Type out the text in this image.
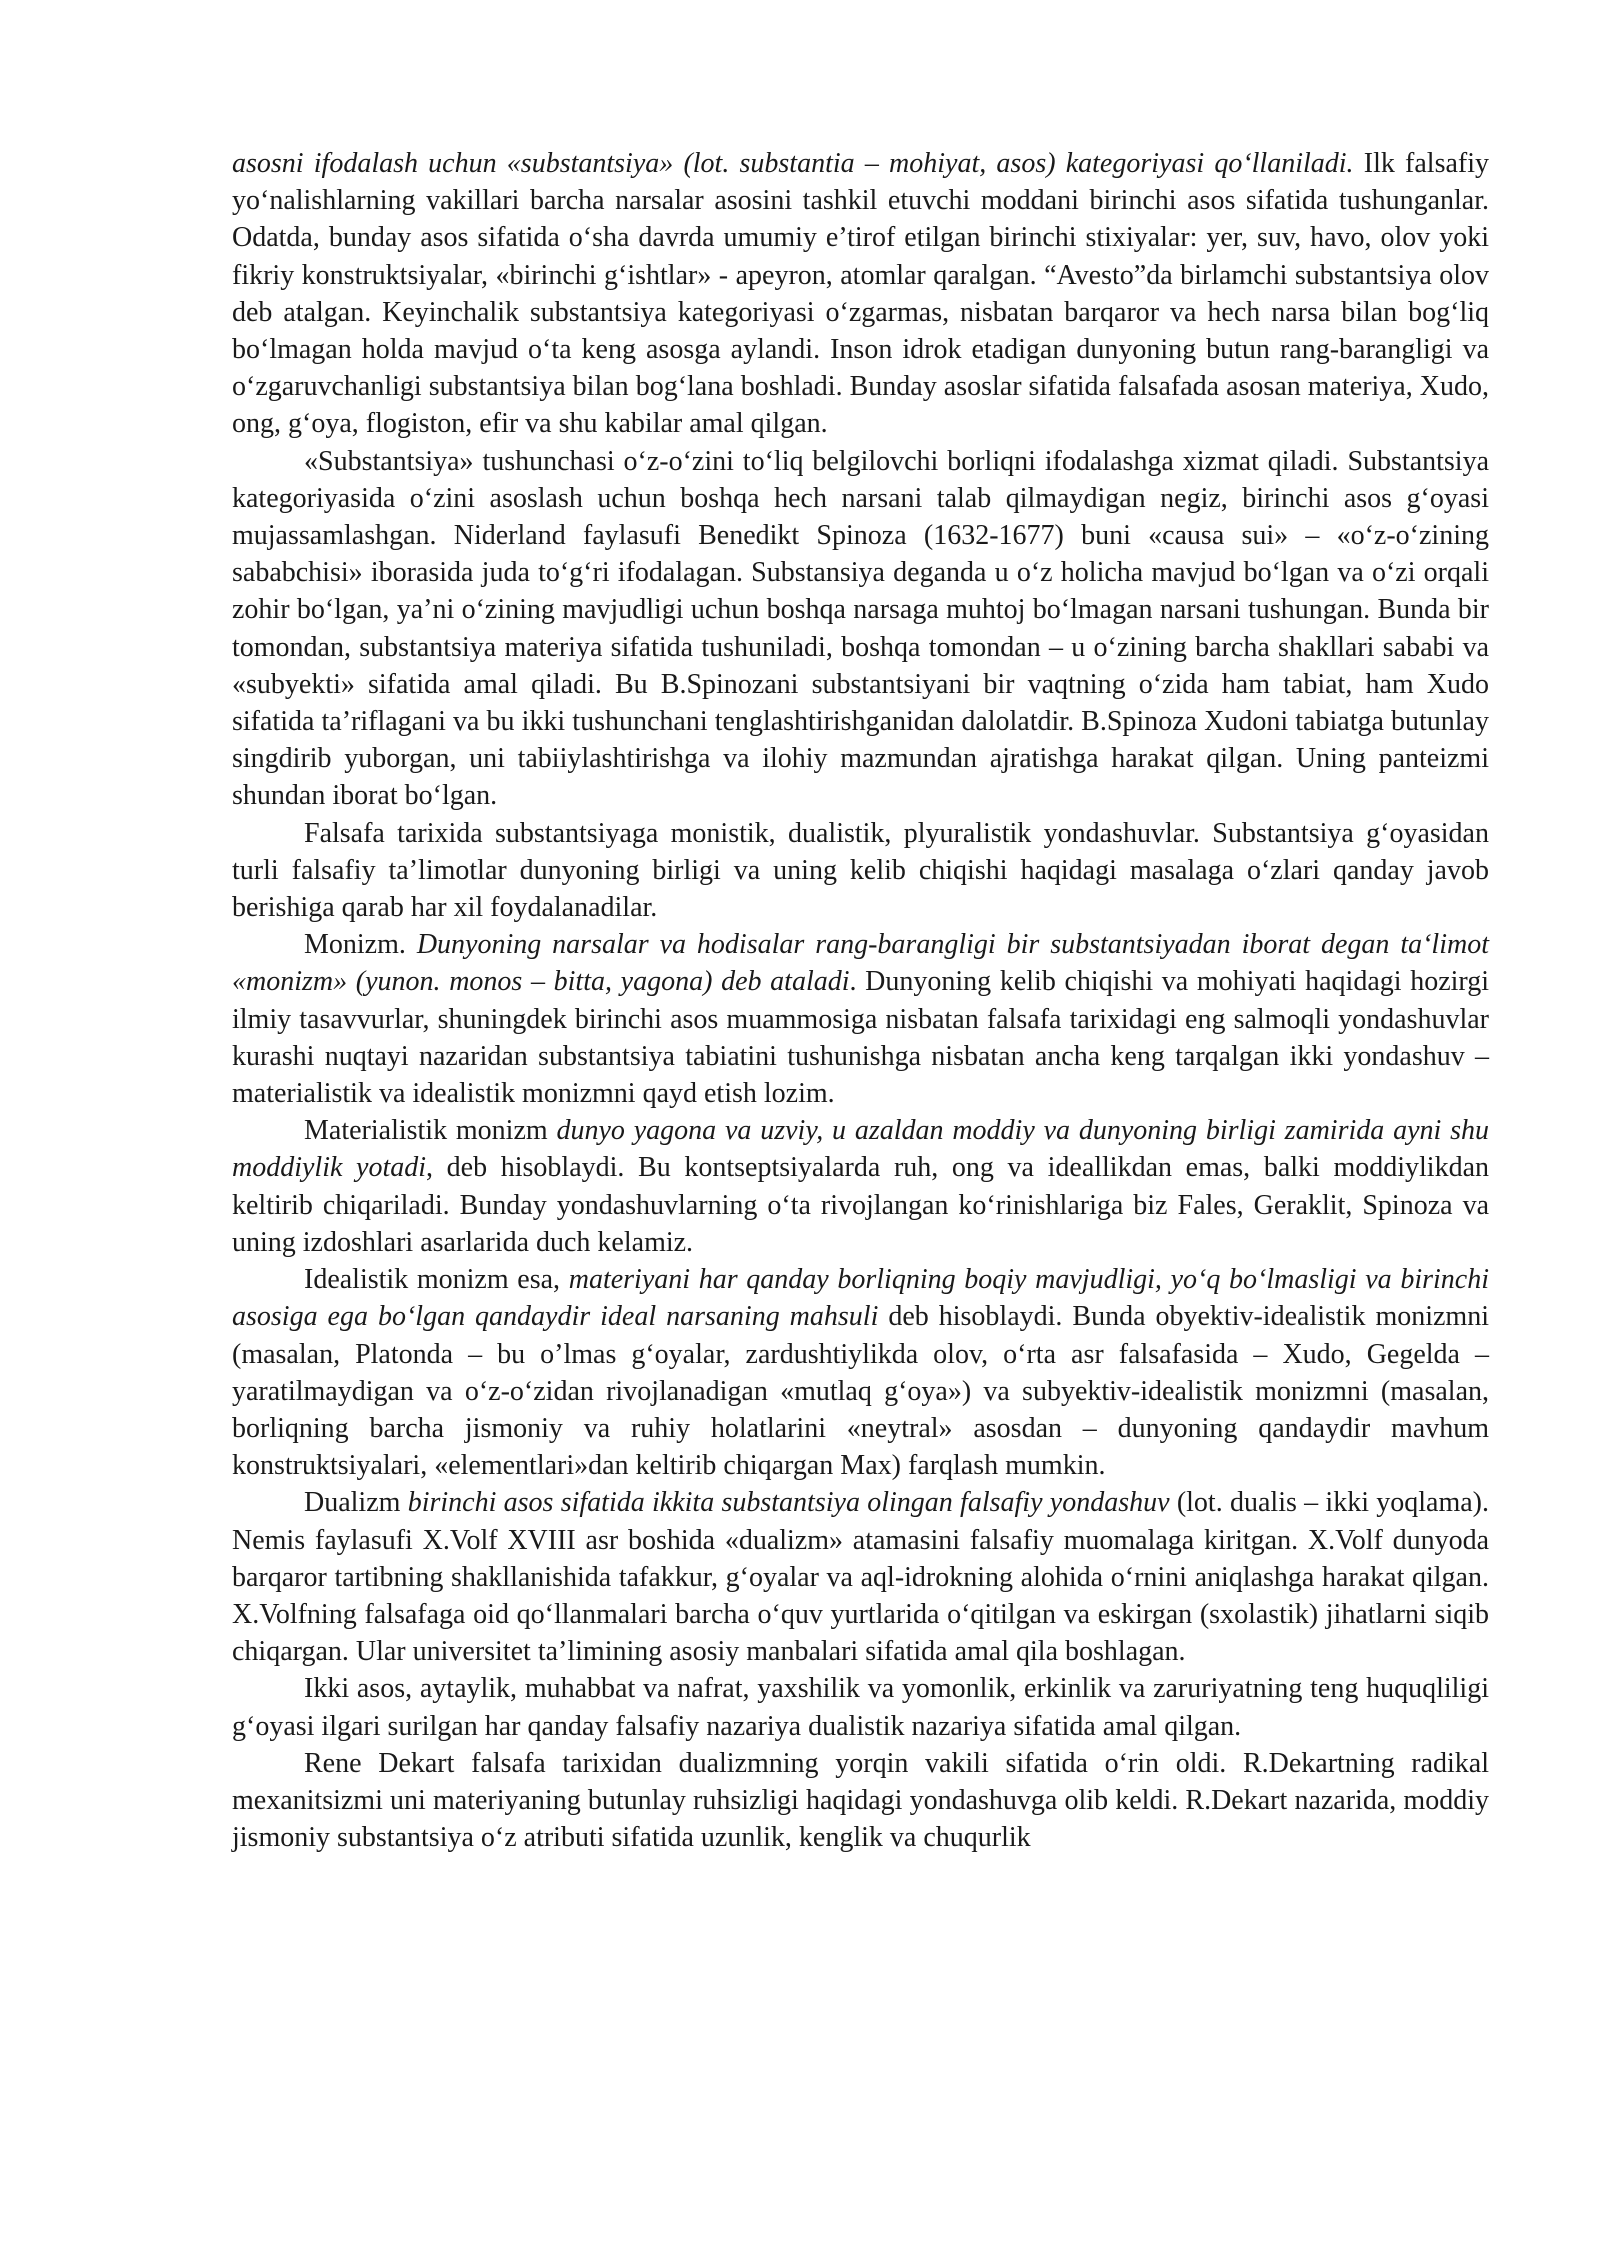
asosni ifodalash uchun «substantsiya» (lot. substantia – mohiyat, asos) kategoriyasi qo‘llaniladi. Ilk falsafiy yo‘nalishlarning vakillari barcha narsalar asosini tashkil etuvchi moddani birinchi asos sifatida tushunganlar. Odatda, bunday asos sifatida o‘sha davrda umumiy e’tirof etilgan birinchi stixiyalar: yer, suv, havo, olov yoki fikriy konstruktsiyalar, «birinchi g‘ishtlar» - apeyron, atomlar qaralgan. “Avesto”da birlamchi substantsiya olov deb atalgan. Keyinchalik substantsiya kategoriyasi o‘zgarmas, nisbatan barqaror va hech narsa bilan bog‘liq bo‘lmagan holda mavjud o‘ta keng asosga aylandi. Inson idrok etadigan dunyoning butun rang-barangligi va o‘zgaruvchanligi substantsiya bilan bog‘lana boshladi. Bunday asoslar sifatida falsafada asosan materiya, Xudo, ong, g‘oya, flogiston, efir va shu kabilar amal qilgan.

«Substantsiya» tushunchasi o‘z-o‘zini to‘liq belgilovchi borliqni ifodalashga xizmat qiladi. Substantsiya kategoriyasida o‘zini asoslash uchun boshqa hech narsani talab qilmaydigan negiz, birinchi asos g‘oyasi mujassamlashgan. Niderland faylasufi Benedikt Spinoza (1632-1677) buni «causa sui» – «o‘z-o‘zining sababchisi» iborasida juda to‘g‘ri ifodalagan. Substansiya deganda u o‘z holicha mavjud bo‘lgan va o‘zi orqali zohir bo‘lgan, ya’ni o‘zining mavjudligi uchun boshqa narsaga muhtoj bo‘lmagan narsani tushungan. Bunda bir tomondan, substantsiya materiya sifatida tushuniladi, boshqa tomondan – u o‘zining barcha shakllari sababi va «subyekti» sifatida amal qiladi. Bu B.Spinozani substantsiyani bir vaqtning o‘zida ham tabiat, ham Xudo sifatida ta’riflagani va bu ikki tushunchani tenglashtirishganidan dalolatdir. B.Spinoza Xudoni tabiatga butunlay singdirib yuborgan, uni tabiiylashtirishga va ilohiy mazmundan ajratishga harakat qilgan. Uning panteizmi shundan iborat bo‘lgan.

Falsafa tarixida substantsiyaga monistik, dualistik, plyuralistik yondashuvlar. Substantsiya g‘oyasidan turli falsafiy ta’limotlar dunyoning birligi va uning kelib chiqishi haqidagi masalaga o‘zlari qanday javob berishiga qarab har xil foydalanadilar.

Monizm. Dunyoning narsalar va hodisalar rang-barangligi bir substantsiyadan iborat degan ta‘limot «monizm» (yunon. monos – bitta, yagona) deb ataladi. Dunyoning kelib chiqishi va mohiyati haqidagi hozirgi ilmiy tasavvurlar, shuningdek birinchi asos muammosiga nisbatan falsafa tarixidagi eng salmoqli yondashuvlar kurashi nuqtayi nazaridan substantsiya tabiatini tushunishga nisbatan ancha keng tarqalgan ikki yondashuv – materialistik va idealistik monizmni qayd etish lozim.

Materialistik monizm dunyo yagona va uzviy, u azaldan moddiy va dunyoning birligi zamirida ayni shu moddiylik yotadi, deb hisoblaydi. Bu kontseptsiyalarda ruh, ong va ideallikdan emas, balki moddiylikdan keltirib chiqariladi. Bunday yondashuvlarning o‘ta rivojlangan ko‘rinishlariga biz Fales, Geraklit, Spinoza va uning izdoshlari asarlarida duch kelamiz.

Idealistik monizm esa, materiyani har qanday borliqning boqiy mavjudligi, yo‘q bo‘lmasligi va birinchi asosiga ega bo‘lgan qandaydir ideal narsaning mahsuli deb hisoblaydi. Bunda obyektiv-idealistik monizmni (masalan, Platonda – bu o’lmas g‘oyalar, zardushtiylikda olov, o‘rta asr falsafasida – Xudo, Gegelda – yaratilmaydigan va o‘z-o‘zidan rivojlanadigan «mutlaq g‘oya») va subyektiv-idealistik monizmni (masalan, borliqning barcha jismoniy va ruhiy holatlarini «neytral» asosdan – dunyoning qandaydir mavhum konstruktsiyalari, «elementlari»dan keltirib chiqargan Max) farqlash mumkin.

Dualizm birinchi asos sifatida ikkita substantsiya olingan falsafiy yondashuv (lot. dualis – ikki yoqlama). Nemis faylasufi X.Volf XVIII asr boshida «dualizm» atamasini falsafiy muomalaga kiritgan. X.Volf dunyoda barqaror tartibning shakllanishida tafakkur, g‘oyalar va aql-idrokning alohida o‘rnini aniqlashga harakat qilgan. X.Volfning falsafaga oid qo‘llanmalari barcha o‘quv yurtlarida o‘qitilgan va eskirgan (sxolastik) jihatlarni siqib chiqargan. Ular universitet ta’limining asosiy manbalari sifatida amal qila boshlagan.

Ikki asos, aytaylik, muhabbat va nafrat, yaxshilik va yomonlik, erkinlik va zaruriyatning teng huquqliligi g‘oyasi ilgari surilgan har qanday falsafiy nazariya dualistik nazariya sifatida amal qilgan.

Rene Dekart falsafa tarixidan dualizmning yorqin vakili sifatida o‘rin oldi. R.Dekartning radikal mexanitsizmi uni materiyaning butunlay ruhsizligi haqidagi yondashuvga olib keldi. R.Dekart nazarida, moddiy jismoniy substantsiya o‘z atributi sifatida uzunlik, kenglik va chuqurlik
